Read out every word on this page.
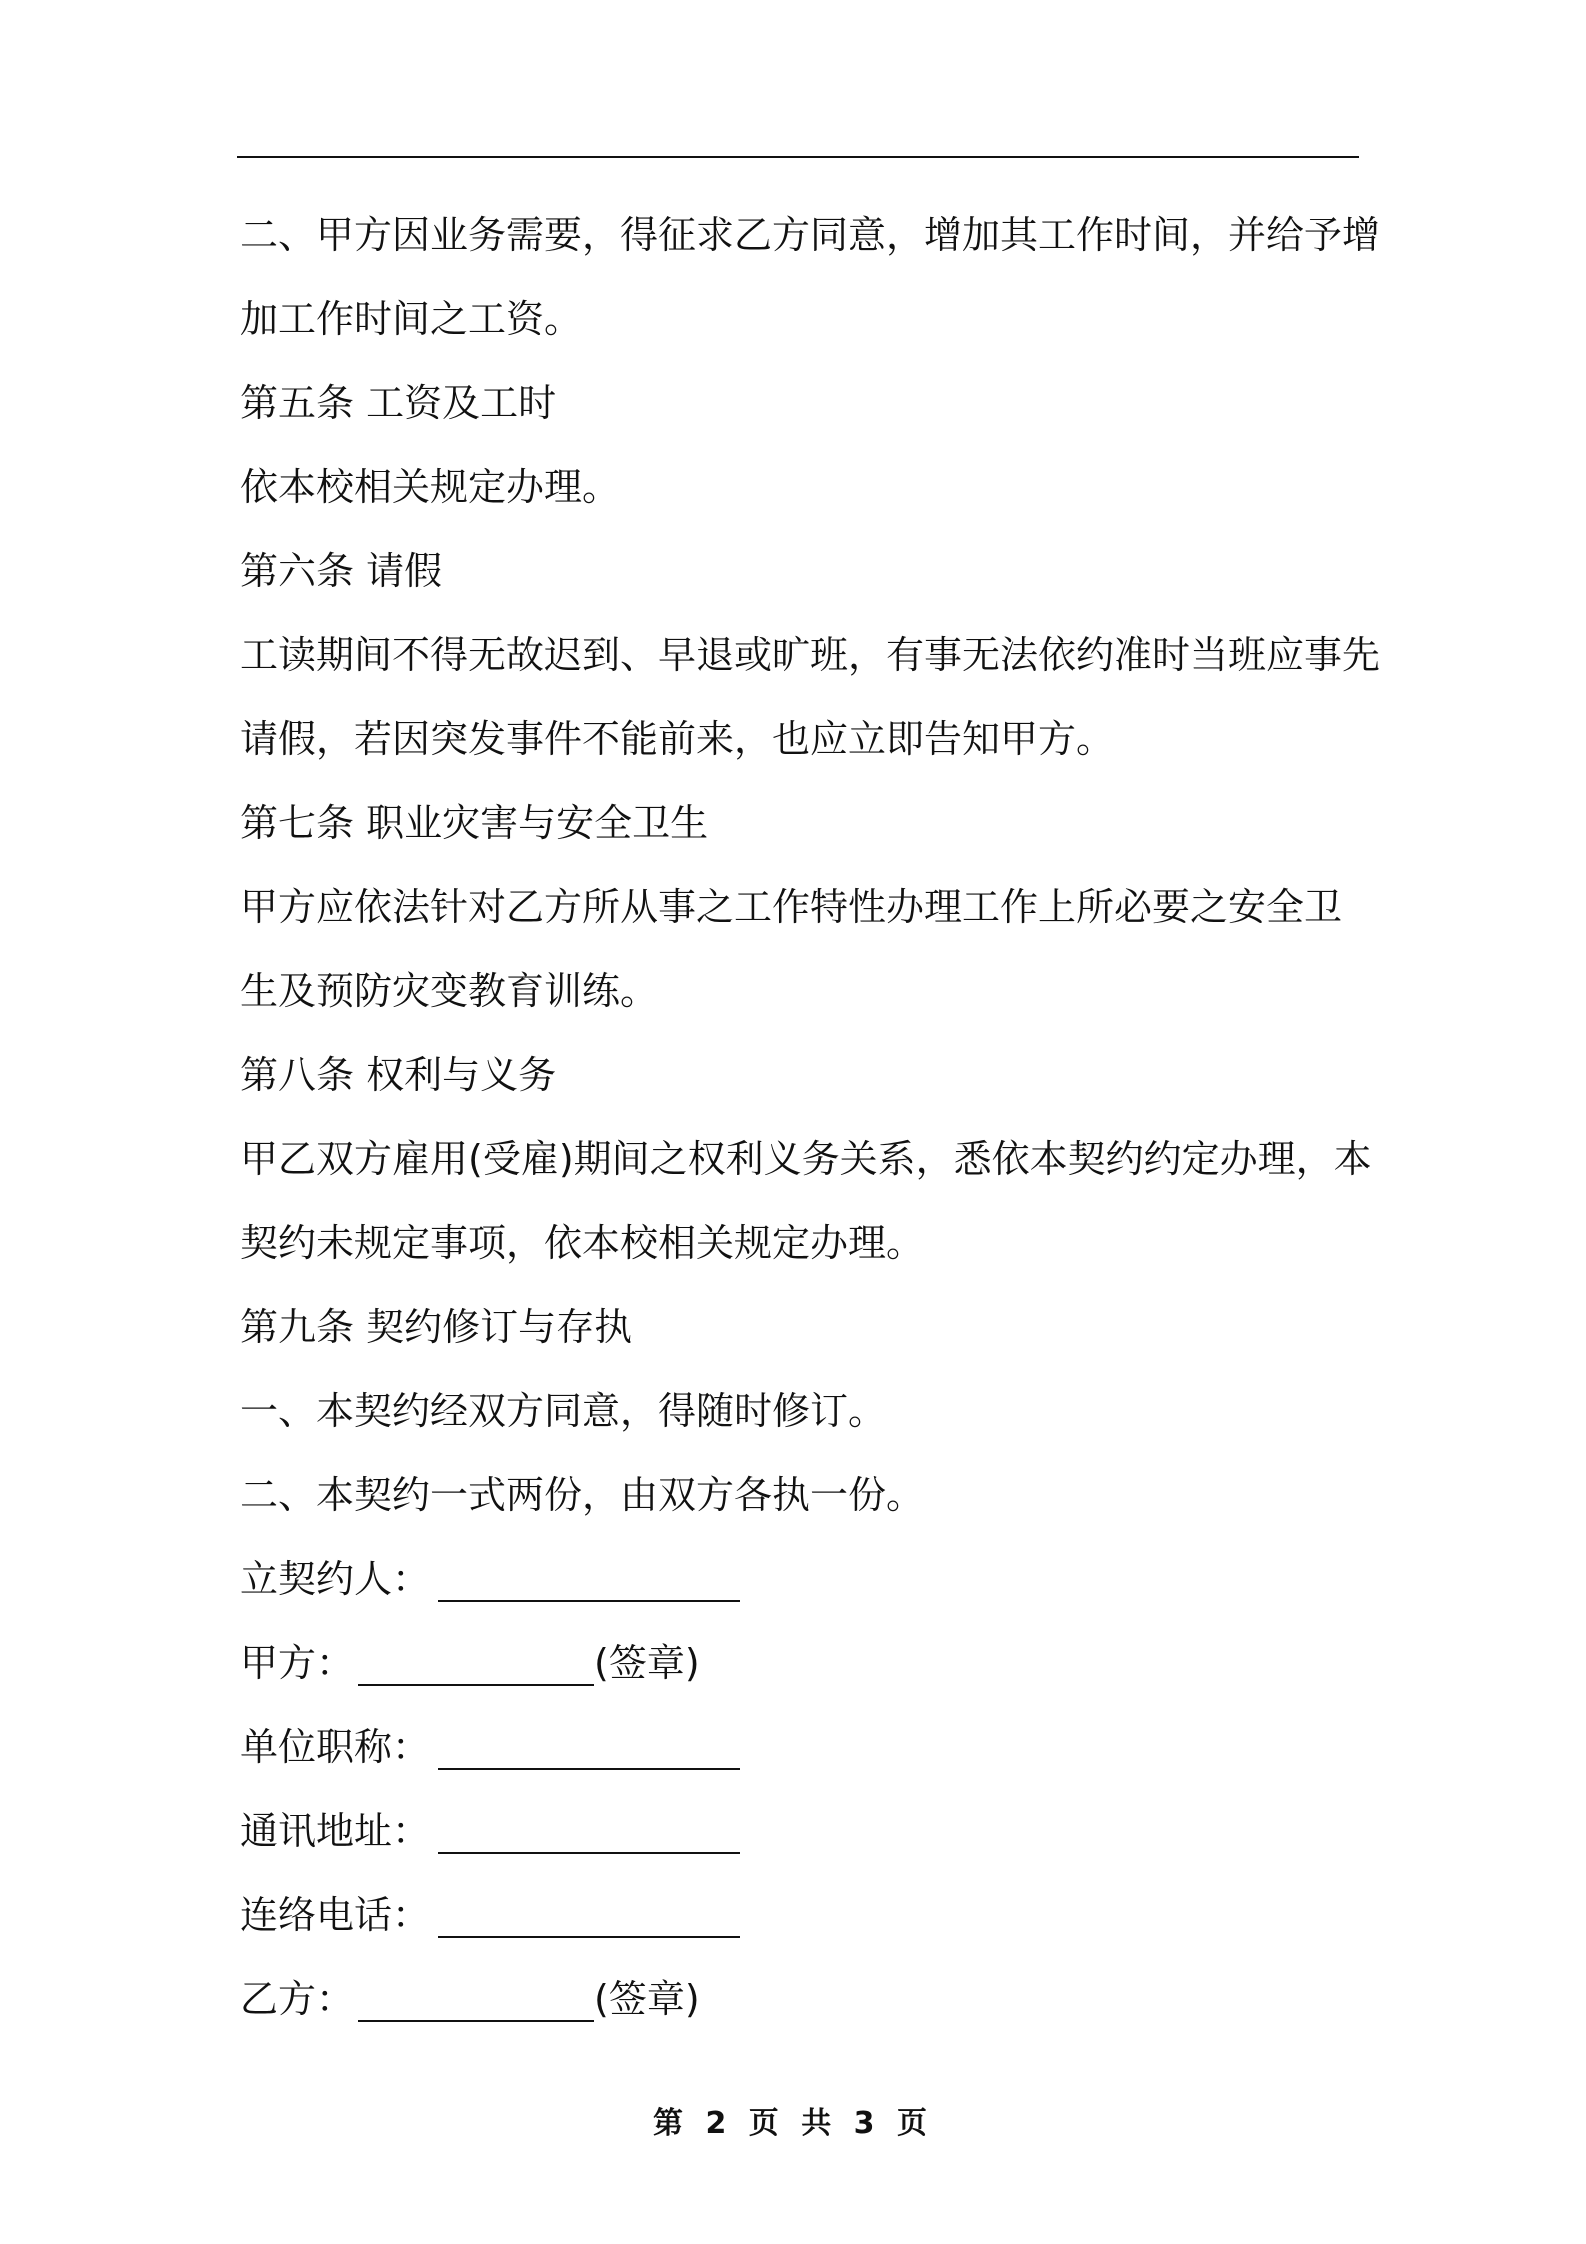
二、甲方因业务需要，得征求乙方同意，增加其工作时间，并给予增
加工作时间之工资。
第五条 工资及工时
依本校相关规定办理。
第六条 请假
工读期间不得无故迟到、早退或旷班，有事无法依约准时当班应事先
请假，若因突发事件不能前来，也应立即告知甲方。
第七条 职业灾害与安全卫生
甲方应依法针对乙方所从事之工作特性办理工作上所必要之安全卫
生及预防灾变教育训练。
第八条 权利与义务
甲乙双方雇用(受雇)期间之权利义务关系，悉依本契约约定办理，本
契约未规定事项，依本校相关规定办理。
第九条 契约修订与存执
一、本契约经双方同意，得随时修订。
二、本契约一式两份，由双方各执一份。
立契约人：
甲方：	(签章)
单位职称：
通讯地址：
连络电话：
乙方：	(签章)
第 2 页 共 3 页
